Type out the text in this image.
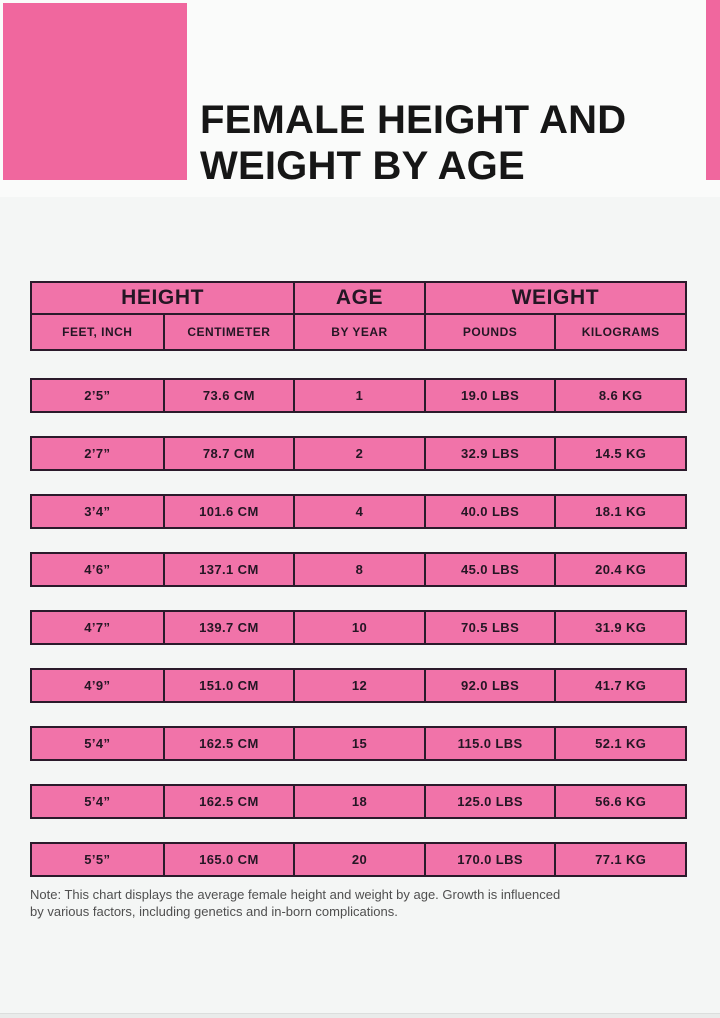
FEMALE HEIGHT AND WEIGHT BY AGE
HEIGHT	AGE	WEIGHT
FEET, INCH	CENTIMETER	BY YEAR	POUNDS	KILOGRAMS
2’5”	73.6 CM	1	19.0 LBS	8.6 KG
2’7”	78.7 CM	2	32.9 LBS	14.5 KG
3’4”	101.6 CM	4	40.0 LBS	18.1 KG
4’6”	137.1 CM	8	45.0 LBS	20.4 KG
4’7”	139.7 CM	10	70.5 LBS	31.9 KG
4’9”	151.0 CM	12	92.0 LBS	41.7 KG
5’4”	162.5 CM	15	115.0 LBS	52.1 KG
5’4”	162.5 CM	18	125.0 LBS	56.6 KG
5’5”	165.0 CM	20	170.0 LBS	77.1 KG

Note: This chart displays the average female height and weight by age. Growth is influenced
by various factors, including genetics and in-born complications.
